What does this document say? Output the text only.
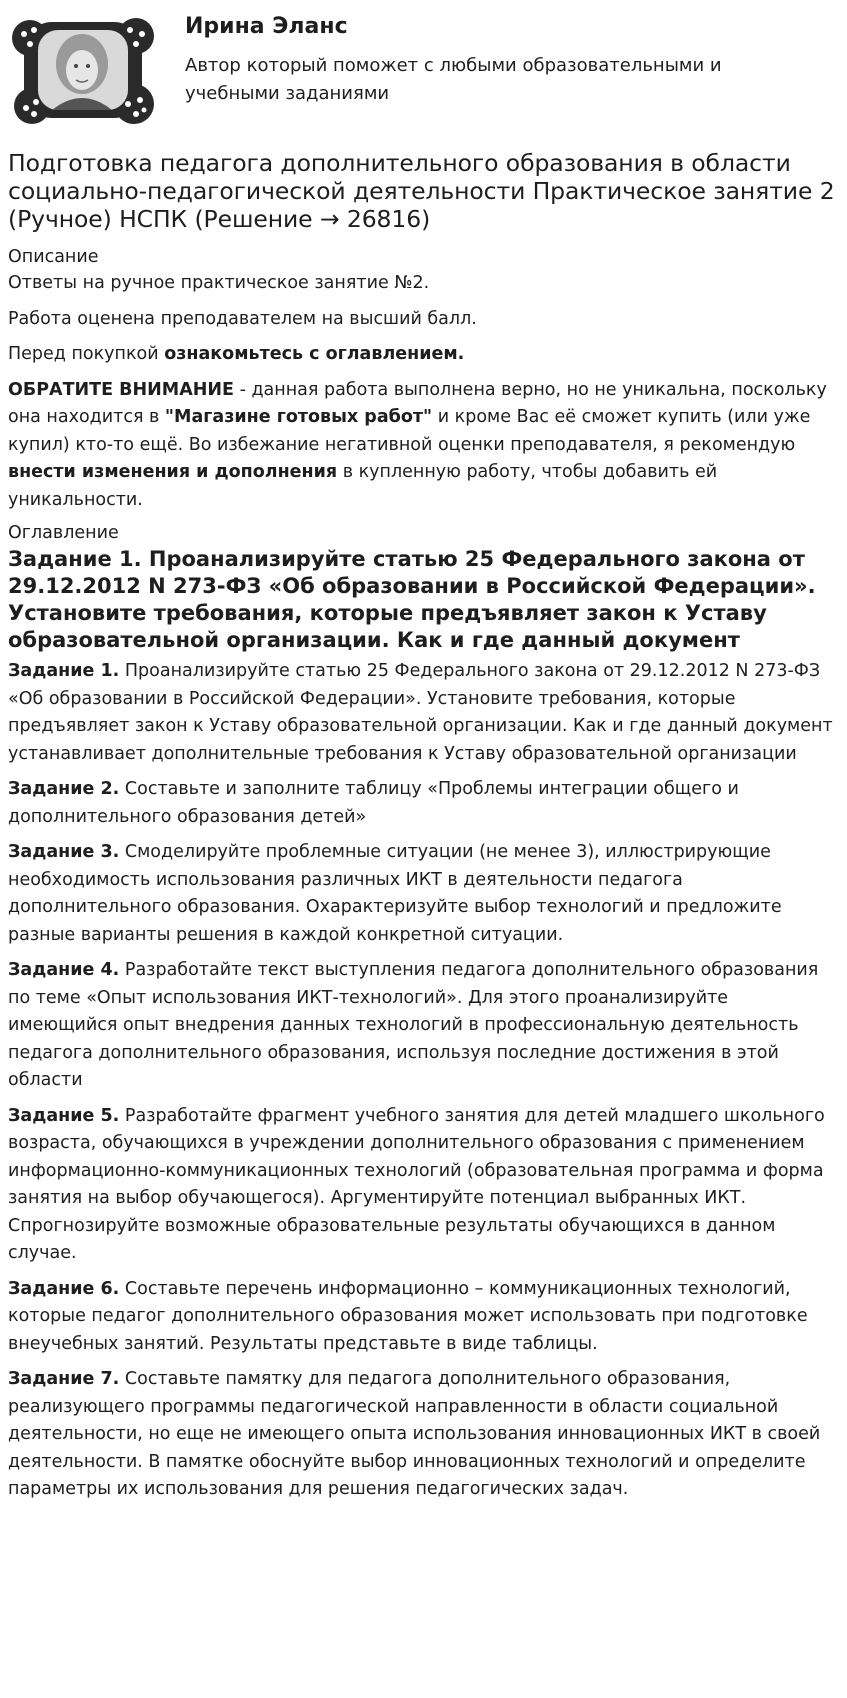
Ирина Эланс
Автор который поможет с любыми образовательными и учебными заданиями
Подготовка педагога дополнительного образования в области социально-педагогической деятельности Практическое занятие 2 (Ручное) НСПК (Решение → 26816)
Описание

Ответы на ручное практическое занятие №2.

Работа оценена преподавателем на высший балл.

Перед покупкой ознакомьтесь с оглавлением.

ОБРАТИТЕ ВНИМАНИЕ - данная работа выполнена верно, но не уникальна, поскольку она находится в "Магазине готовых работ" и кроме Вас её сможет купить (или уже купил) кто-то ещё. Во избежание негативной оценки преподавателя, я рекомендую внести изменения и дополнения в купленную работу, чтобы добавить ей уникальности.

Оглавление
Задание 1. Проанализируйте статью 25 Федерального закона от 29.12.2012 N 273-ФЗ «Об образовании в Российской Федерации». Установите требования, которые предъявляет закон к Уставу образовательной организации. Как и где данный документ

Задание 1. Проанализируйте статью 25 Федерального закона от 29.12.2012 N 273-ФЗ «Об образовании в Российской Федерации». Установите требования, которые предъявляет закон к Уставу образовательной организации. Как и где данный документ устанавливает дополнительные требования к Уставу образовательной организации

Задание 2. Составьте и заполните таблицу «Проблемы интеграции общего и дополнительного образования детей»

Задание 3. Смоделируйте проблемные ситуации (не менее 3), иллюстрирующие необходимость использования различных ИКТ в деятельности педагога дополнительного образования. Охарактеризуйте выбор технологий и предложите разные варианты решения в каждой конкретной ситуации.

Задание 4. Разработайте текст выступления педагога дополнительного образования по теме «Опыт использования ИКТ-технологий». Для этого проанализируйте имеющийся опыт внедрения данных технологий в профессиональную деятельность педагога дополнительного образования, используя последние достижения в этой области

Задание 5. Разработайте фрагмент учебного занятия для детей младшего школьного возраста, обучающихся в учреждении дополнительного образования с применением информационно-коммуникационных технологий (образовательная программа и форма занятия на выбор обучающегося). Аргументируйте потенциал выбранных ИКТ. Спрогнозируйте возможные образовательные результаты обучающихся в данном случае.

Задание 6. Составьте перечень информационно – коммуникационных технологий, которые педагог дополнительного образования может использовать при подготовке внеучебных занятий. Результаты представьте в виде таблицы.

Задание 7. Составьте памятку для педагога дополнительного образования, реализующего программы педагогической направленности в области социальной деятельности, но еще не имеющего опыта использования инновационных ИКТ в своей деятельности. В памятке обоснуйте выбор инновационных технологий и определите параметры их использования для решения педагогических задач.
